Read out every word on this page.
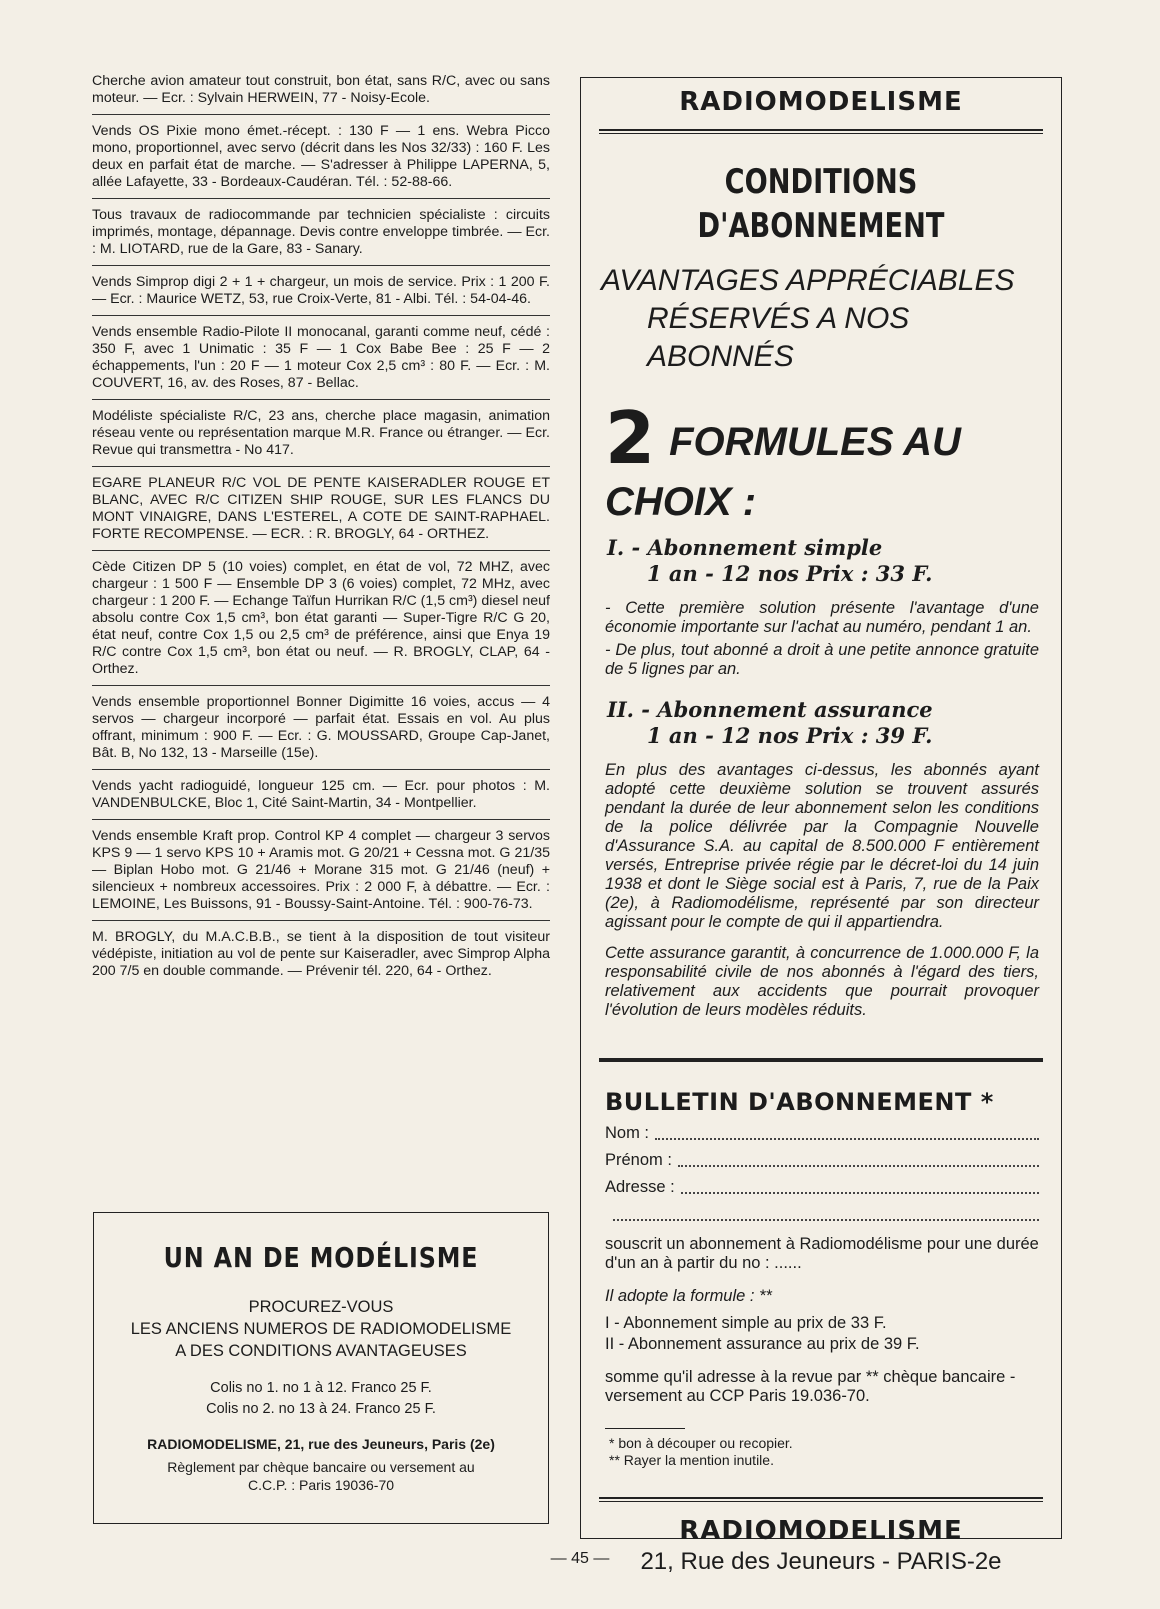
Cherche avion amateur tout construit, bon état, sans R/C, avec ou sans moteur. — Ecr. : Sylvain HERWEIN, 77 - Noisy-Ecole.
Vends OS Pixie mono émet.-récept. : 130 F — 1 ens. Webra Picco mono, proportionnel, avec servo (décrit dans les Nos 32/33) : 160 F. Les deux en parfait état de marche. — S'adresser à Philippe LAPERNA, 5, allée Lafayette, 33 - Bordeaux-Caudéran. Tél. : 52-88-66.
Tous travaux de radiocommande par technicien spécialiste : circuits imprimés, montage, dépannage. Devis contre enveloppe timbrée. — Ecr. : M. LIOTARD, rue de la Gare, 83 - Sanary.
Vends Simprop digi 2 + 1 + chargeur, un mois de service. Prix : 1 200 F. — Ecr. : Maurice WETZ, 53, rue Croix-Verte, 81 - Albi. Tél. : 54-04-46.
Vends ensemble Radio-Pilote II monocanal, garanti comme neuf, cédé : 350 F, avec 1 Unimatic : 35 F — 1 Cox Babe Bee : 25 F — 2 échappements, l'un : 20 F — 1 moteur Cox 2,5 cm³ : 80 F. — Ecr. : M. COUVERT, 16, av. des Roses, 87 - Bellac.
Modéliste spécialiste R/C, 23 ans, cherche place magasin, animation réseau vente ou représentation marque M.R. France ou étranger. — Ecr. Revue qui transmettra - No 417.
EGARE PLANEUR R/C VOL DE PENTE KAISERADLER ROUGE ET BLANC, AVEC R/C CITIZEN SHIP ROUGE, SUR LES FLANCS DU MONT VINAIGRE, DANS L'ESTEREL, A COTE DE SAINT-RAPHAEL. FORTE RECOMPENSE. — ECR. : R. BROGLY, 64 - ORTHEZ.
Cède Citizen DP 5 (10 voies) complet, en état de vol, 72 MHZ, avec chargeur : 1 500 F — Ensemble DP 3 (6 voies) complet, 72 MHz, avec chargeur : 1 200 F. — Echange Taïfun Hurrikan R/C (1,5 cm³) diesel neuf absolu contre Cox 1,5 cm³, bon état garanti — Super-Tigre R/C G 20, état neuf, contre Cox 1,5 ou 2,5 cm³ de préférence, ainsi que Enya 19 R/C contre Cox 1,5 cm³, bon état ou neuf. — R. BROGLY, CLAP, 64 - Orthez.
Vends ensemble proportionnel Bonner Digimitte 16 voies, accus — 4 servos — chargeur incorporé — parfait état. Essais en vol. Au plus offrant, minimum : 900 F. — Ecr. : G. MOUSSARD, Groupe Cap-Janet, Bât. B, No 132, 13 - Marseille (15e).
Vends yacht radioguidé, longueur 125 cm. — Ecr. pour photos : M. VANDENBULCKE, Bloc 1, Cité Saint-Martin, 34 - Montpellier.
Vends ensemble Kraft prop. Control KP 4 complet — chargeur 3 servos KPS 9 — 1 servo KPS 10 + Aramis mot. G 20/21 + Cessna mot. G 21/35 — Biplan Hobo mot. G 21/46 + Morane 315 mot. G 21/46 (neuf) + silencieux + nombreux accessoires. Prix : 2 000 F, à débattre. — Ecr. : LEMOINE, Les Buissons, 91 - Boussy-Saint-Antoine. Tél. : 900-76-73.
M. BROGLY, du M.A.C.B.B., se tient à la disposition de tout visiteur védépiste, initiation au vol de pente sur Kaiseradler, avec Simprop Alpha 200 7/5 en double commande. — Prévenir tél. 220, 64 - Orthez.
UN AN DE MODÉLISME

PROCUREZ-VOUS

LES ANCIENS NUMEROS DE RADIOMODELISME

A DES CONDITIONS AVANTAGEUSES

Colis no 1. no 1 à 12. Franco 25 F.
Colis no 2. no 13 à 24. Franco 25 F.
RADIOMODELISME, 21, rue des Jeuneurs, Paris (2e)
Règlement par chèque bancaire ou versement au
C.C.P. : Paris 19036-70
RADIOMODELISME
CONDITIONS
D'ABONNEMENT
AVANTAGES APPRÉCIABLES
RÉSERVÉS A NOS ABONNÉS
2 FORMULES AU CHOIX :
I. - Abonnement simple
1 an - 12 nos Prix : 33 F.
- Cette première solution présente l'avantage d'une économie importante sur l'achat au numéro, pendant 1 an.
- De plus, tout abonné a droit à une petite annonce gratuite de 5 lignes par an.
II. - Abonnement assurance
1 an - 12 nos Prix : 39 F.
En plus des avantages ci-dessus, les abonnés ayant adopté cette deuxième solution se trouvent assurés pendant la durée de leur abonnement selon les conditions de la police délivrée par la Compagnie Nouvelle d'Assurance S.A. au capital de 8.500.000 F entièrement versés, Entreprise privée régie par le décret-loi du 14 juin 1938 et dont le Siège social est à Paris, 7, rue de la Paix (2e), à Radiomodélisme, représenté par son directeur agissant pour le compte de qui il appartiendra.
Cette assurance garantit, à concurrence de 1.000.000 F, la responsabilité civile de nos abonnés à l'égard des tiers, relativement aux accidents que pourrait provoquer l'évolution de leurs modèles réduits.
BULLETIN D'ABONNEMENT *
Nom :
Prénom :
Adresse :
souscrit un abonnement à Radiomodélisme pour une durée d'un an à partir du no : ......
Il adopte la formule : **
I - Abonnement simple au prix de 33 F.
II - Abonnement assurance au prix de 39 F.
somme qu'il adresse à la revue par ** chèque bancaire - versement au CCP Paris 19.036-70.
* bon à découper ou recopier.
** Rayer la mention inutile.
RADIOMODELISME
21, Rue des Jeuneurs - PARIS-2e
— 45 —
